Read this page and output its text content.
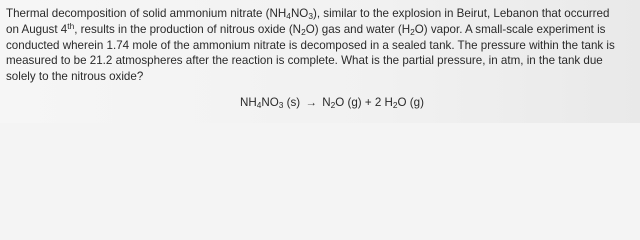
Thermal decomposition of solid ammonium nitrate $(NH_4NO_3)$, similar to the explosion in Beirut, Lebanon that occurred
on August 4th, results in the production of nitrous oxide $(N_2O)$ gas and water $(H_2O)$ vapor. A small-scale experiment is
conducted wherein 1.74 mole of the ammonium nitrate is decomposed in a sealed tank. The pressure within the tank is
measured to be 21.2 atmospheres after the reaction is complete. What is the partial pressure, in atm, in the tank due
solely to the nitrous oxide?

$NH_4NO_3$ $(s) \to N_2O$ (g) + 2 $H_2O$ (g)
